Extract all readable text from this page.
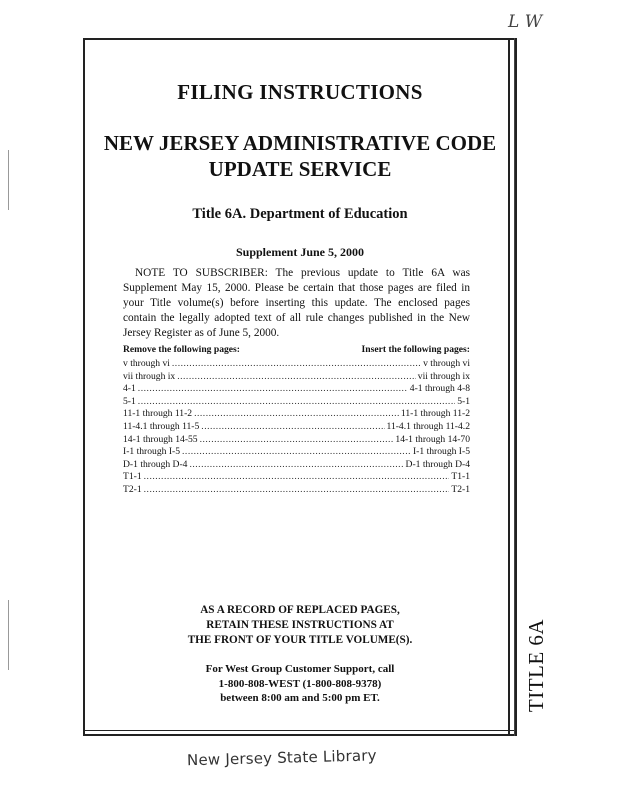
L W
TITLE 6A
FILING INSTRUCTIONS
NEW JERSEY ADMINISTRATIVE CODE
UPDATE SERVICE
Title 6A. Department of Education
Supplement June 5, 2000
NOTE TO SUBSCRIBER: The previous update to Title 6A was Supplement May 15, 2000. Please be certain that those pages are filed in your Title volume(s) before inserting this update. The enclosed pages contain the legally adopted text of all rule changes published in the New Jersey Register as of June 5, 2000.
Remove the following pages:	Insert the following pages:
v through vi .....	v through vi
vii through ix .....	vii through ix
4-1 .....	4-1 through 4-8
5-1 .....	5-1
11-1 through 11-2 .....	11-1 through 11-2
11-4.1 through 11-5 .....	11-4.1 through 11-4.2
14-1 through 14-55 .....	14-1 through 14-70
I-1 through I-5 .....	I-1 through I-5
D-1 through D-4 .....	D-1 through D-4
T1-1 .....	T1-1
T2-1 .....	T2-1
AS A RECORD OF REPLACED PAGES,
RETAIN THESE INSTRUCTIONS AT
THE FRONT OF YOUR TITLE VOLUME(S).
For West Group Customer Support, call
1-800-808-WEST (1-800-808-9378)
between 8:00 am and 5:00 pm ET.
New Jersey State Library
